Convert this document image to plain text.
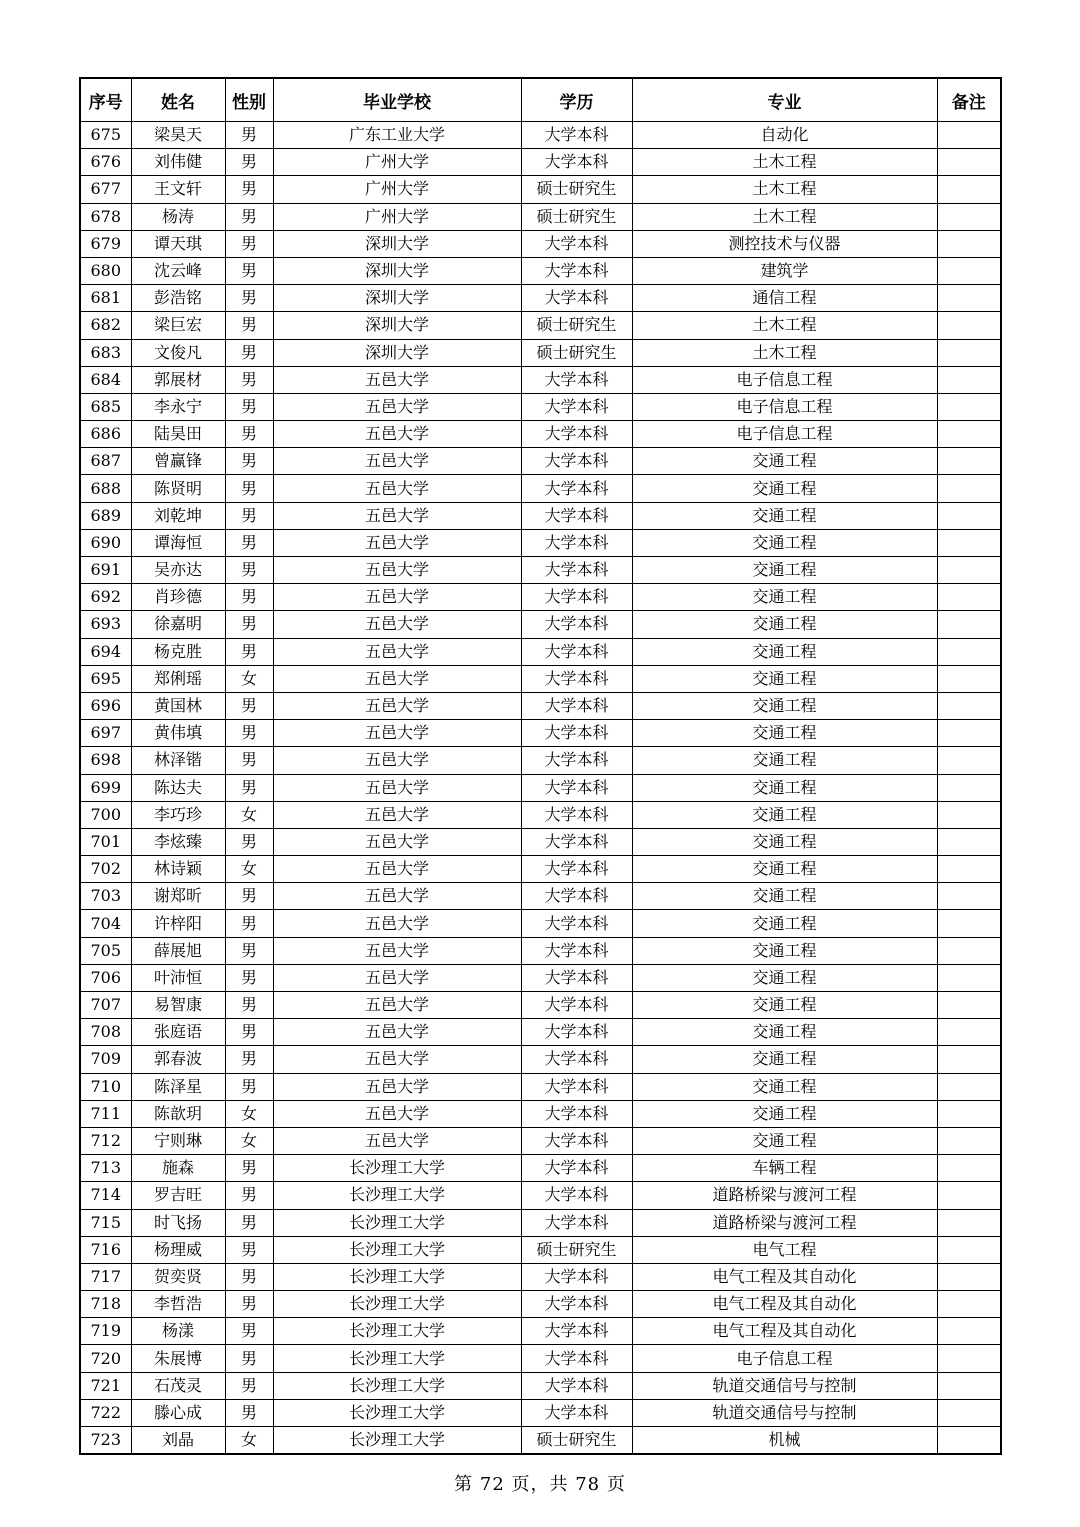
序号	姓名	性别	毕业学校	学历	专业	备注
675	梁昊天	男	广东工业大学	大学本科	自动化	
676	刘伟健	男	广州大学	大学本科	土木工程	
677	王文轩	男	广州大学	硕士研究生	土木工程	
678	杨涛	男	广州大学	硕士研究生	土木工程	
679	谭天琪	男	深圳大学	大学本科	测控技术与仪器	
680	沈云峰	男	深圳大学	大学本科	建筑学	
681	彭浩铭	男	深圳大学	大学本科	通信工程	
682	梁巨宏	男	深圳大学	硕士研究生	土木工程	
683	文俊凡	男	深圳大学	硕士研究生	土木工程	
684	郭展材	男	五邑大学	大学本科	电子信息工程	
685	李永宁	男	五邑大学	大学本科	电子信息工程	
686	陆昊田	男	五邑大学	大学本科	电子信息工程	
687	曾赢锋	男	五邑大学	大学本科	交通工程	
688	陈贤明	男	五邑大学	大学本科	交通工程	
689	刘乾坤	男	五邑大学	大学本科	交通工程	
690	谭海恒	男	五邑大学	大学本科	交通工程	
691	吴亦达	男	五邑大学	大学本科	交通工程	
692	肖珍德	男	五邑大学	大学本科	交通工程	
693	徐嘉明	男	五邑大学	大学本科	交通工程	
694	杨克胜	男	五邑大学	大学本科	交通工程	
695	郑俐瑶	女	五邑大学	大学本科	交通工程	
696	黄国林	男	五邑大学	大学本科	交通工程	
697	黄伟填	男	五邑大学	大学本科	交通工程	
698	林泽锴	男	五邑大学	大学本科	交通工程	
699	陈达夫	男	五邑大学	大学本科	交通工程	
700	李巧珍	女	五邑大学	大学本科	交通工程	
701	李炫臻	男	五邑大学	大学本科	交通工程	
702	林诗颖	女	五邑大学	大学本科	交通工程	
703	谢郑昕	男	五邑大学	大学本科	交通工程	
704	许梓阳	男	五邑大学	大学本科	交通工程	
705	薛展旭	男	五邑大学	大学本科	交通工程	
706	叶沛恒	男	五邑大学	大学本科	交通工程	
707	易智康	男	五邑大学	大学本科	交通工程	
708	张庭语	男	五邑大学	大学本科	交通工程	
709	郭春波	男	五邑大学	大学本科	交通工程	
710	陈泽星	男	五邑大学	大学本科	交通工程	
711	陈歆玥	女	五邑大学	大学本科	交通工程	
712	宁则琳	女	五邑大学	大学本科	交通工程	
713	施森	男	长沙理工大学	大学本科	车辆工程	
714	罗吉旺	男	长沙理工大学	大学本科	道路桥梁与渡河工程	
715	时飞扬	男	长沙理工大学	大学本科	道路桥梁与渡河工程	
716	杨理威	男	长沙理工大学	硕士研究生	电气工程	
717	贺奕贤	男	长沙理工大学	大学本科	电气工程及其自动化	
718	李哲浩	男	长沙理工大学	大学本科	电气工程及其自动化	
719	杨漾	男	长沙理工大学	大学本科	电气工程及其自动化	
720	朱展博	男	长沙理工大学	大学本科	电子信息工程	
721	石茂灵	男	长沙理工大学	大学本科	轨道交通信号与控制	
722	滕心成	男	长沙理工大学	大学本科	轨道交通信号与控制	
723	刘晶	女	长沙理工大学	硕士研究生	机械	
第 72 页，共 78 页
